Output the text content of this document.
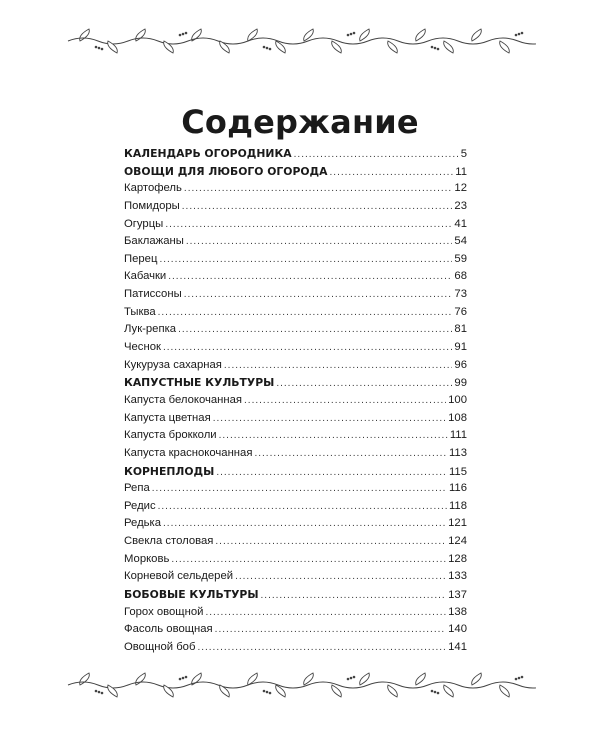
Содержание
КАЛЕНДАРЬ ОГОРОДНИКА .....	5
ОВОЩИ ДЛЯ ЛЮБОГО ОГОРОДА .....	11
Картофель .....	12
Помидоры .....	23
Огурцы .....	41
Баклажаны .....	54
Перец .....	59
Кабачки .....	68
Патиссоны .....	73
Тыква .....	76
Лук-репка .....	81
Чеснок .....	91
Кукуруза сахарная .....	96
КАПУСТНЫЕ КУЛЬТУРЫ .....	99
Капуста белокочанная .....	100
Капуста цветная .....	108
Капуста брокколи .....	111
Капуста краснокочанная .....	113
КОРНЕПЛОДЫ .....	115
Репа .....	116
Редис .....	118
Редька .....	121
Свекла столовая .....	124
Морковь .....	128
Корневой сельдерей .....	133
БОБОВЫЕ КУЛЬТУРЫ .....	137
Горох овощной .....	138
Фасоль овощная .....	140
Овощной боб .....	141
